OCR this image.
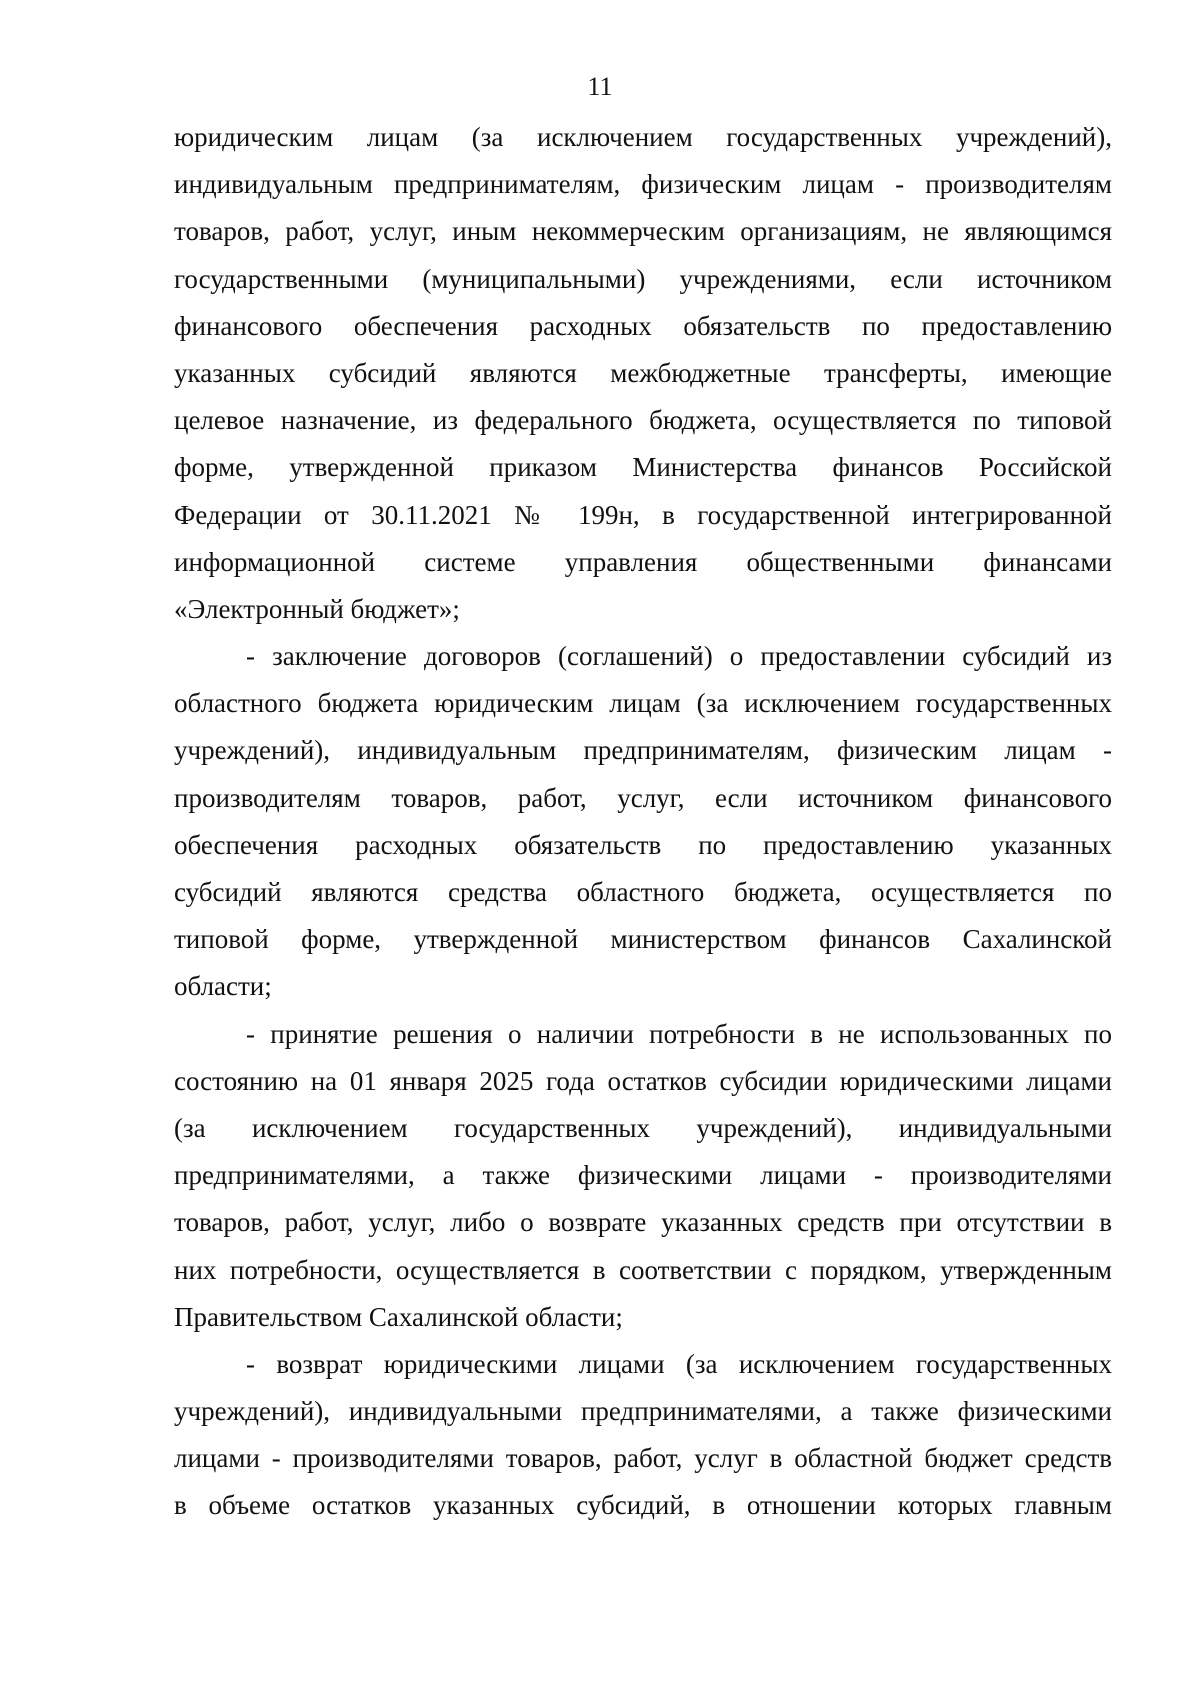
11
юридическим лицам (за исключением государственных учреждений),
индивидуальным предпринимателям, физическим лицам - производителям
товаров, работ, услуг, иным некоммерческим организациям, не являющимся
государственными (муниципальными) учреждениями, если источником
финансового обеспечения расходных обязательств по предоставлению
указанных субсидий являются межбюджетные трансферты, имеющие
целевое назначение, из федерального бюджета, осуществляется по типовой
форме, утвержденной приказом Министерства финансов Российской
Федерации от 30.11.2021 № 199н, в государственной интегрированной
информационной системе управления общественными финансами
«Электронный бюджет»;
- заключение договоров (соглашений) о предоставлении субсидий из
областного бюджета юридическим лицам (за исключением государственных
учреждений), индивидуальным предпринимателям, физическим лицам -
производителям товаров, работ, услуг, если источником финансового
обеспечения расходных обязательств по предоставлению указанных
субсидий являются средства областного бюджета, осуществляется по
типовой форме, утвержденной министерством финансов Сахалинской
области;
- принятие решения о наличии потребности в не использованных по
состоянию на 01 января 2025 года остатков субсидии юридическими лицами
(за исключением государственных учреждений), индивидуальными
предпринимателями, а также физическими лицами - производителями
товаров, работ, услуг, либо о возврате указанных средств при отсутствии в
них потребности, осуществляется в соответствии с порядком, утвержденным
Правительством Сахалинской области;
- возврат юридическими лицами (за исключением государственных
учреждений), индивидуальными предпринимателями, а также физическими
лицами - производителями товаров, работ, услуг в областной бюджет средств
в объеме остатков указанных субсидий, в отношении которых главным
